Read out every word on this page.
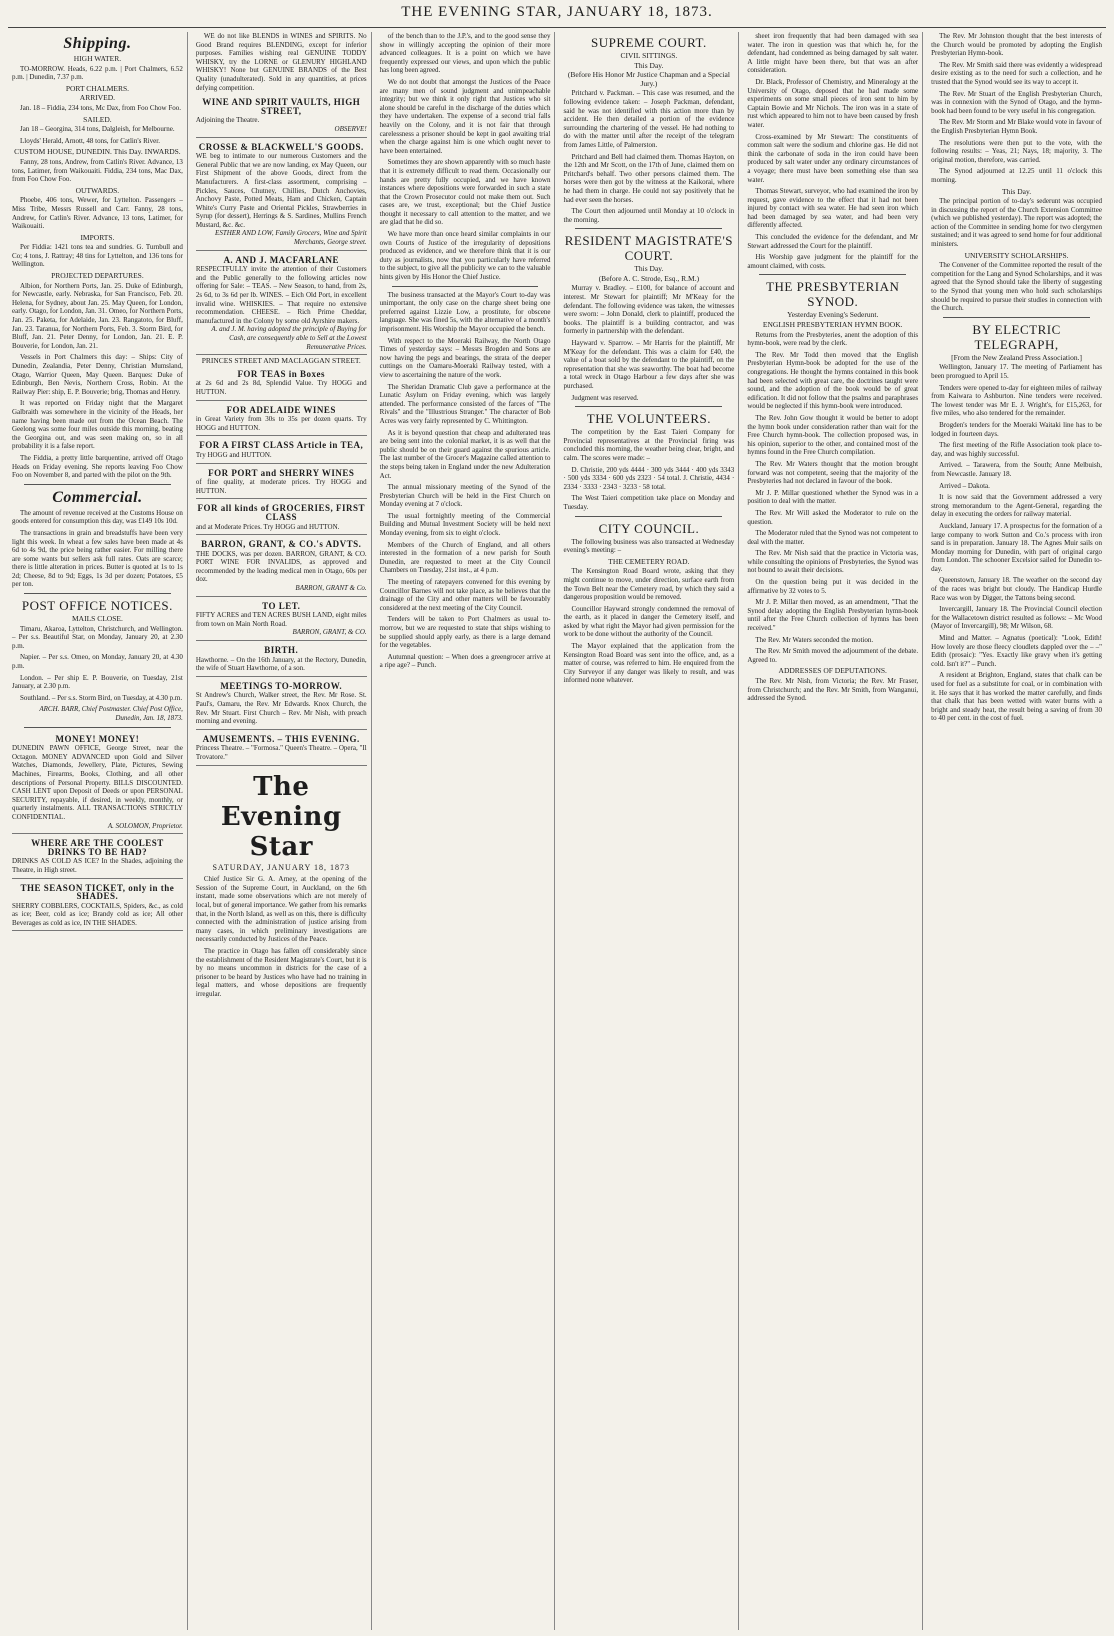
THE EVENING STAR, JANUARY 18, 1873.
Shipping.
HIGH WATER.

TO-MORROW. Heads, 6.22 p.m. | Port Chalmers, 6.52 p.m. | Dunedin, 7.37 p.m.

PORT CHALMERS.
ARRIVED.

Jan. 18 – Fiddia, 234 tons, Mc Dax, from Foo Chow Foo.

SAILED.

Jan 18 – Georgina, 314 tons, Dalgleish, for Melbourne.

Lloyds' Herald, Arnott, 48 tons, for Catlin's River.

CUSTOM HOUSE, DUNEDIN. This Day. INWARDS.

Fanny, 28 tons, Andrew, from Catlin's River. Advance, 13 tons, Latimer, from Waikouaiti. Fiddia, 234 tons, Mac Dax, from Foo Chow Foo.

OUTWARDS.

Phoebe, 406 tons, Wewer, for Lyttelton. Passengers – Miss Tribe, Messrs Russell and Carr. Fanny, 28 tons, Andrew, for Catlin's River. Advance, 13 tons, Latimer, for Waikouaiti.

IMPORTS.

Per Fiddia: 1421 tons tea and sundries. G. Turnbull and Co; 4 tons, J. Rattray; 48 tins for Lyttelton, and 136 tons for Wellington.

PROJECTED DEPARTURES.

Albion, for Northern Ports, Jan. 25. Duke of Edinburgh, for Newcastle, early. Nebraska, for San Francisco, Feb. 20. Helena, for Sydney, about Jan. 25. May Queen, for London, early. Otago, for London, Jan. 31. Omeo, for Northern Ports, Jan. 25. Paketa, for Adelaide, Jan. 23. Rangatoto, for Bluff, Jan. 23. Taranua, for Northern Ports, Feb. 3. Storm Bird, for Bluff, Jan. 21. Peter Denny, for London, Jan. 21. E. P. Bouverie, for London, Jan. 21.

Vessels in Port Chalmers this day: – Ships: City of Dunedin, Zealandia, Peter Denny, Christian Mumsland, Otago, Warrior Queen, May Queen. Barques: Duke of Edinburgh, Ben Nevis, Northern Cross, Robin. At the Railway Pier: ship, E. P. Bouverie; brig, Thomas and Henry.

It was reported on Friday night that the Margaret Galbraith was somewhere in the vicinity of the Heads, her name having been made out from the Ocean Beach. The Geelong was some four miles outside this morning, beating the Georgina out, and was seen making on, so in all probability it is a false report.

The Fiddia, a pretty little barquentine, arrived off Otago Heads on Friday evening. She reports leaving Foo Chow Foo on November 8, and parted with the pilot on the 9th.

Commercial.

The amount of revenue received at the Customs House on goods entered for consumption this day, was £149 10s 10d.

The transactions in grain and breadstuffs have been very light this week. In wheat a few sales have been made at 4s 6d to 4s 9d, the price being rather easier. For milling there are some wants but sellers ask full rates. Oats are scarce; there is little alteration in prices. Butter is quoted at 1s to 1s 2d; Cheese, 8d to 9d; Eggs, 1s 3d per dozen; Potatoes, £5 per ton.

POST OFFICE NOTICES.
MAILS CLOSE.

Timaru, Akaroa, Lyttelton, Christchurch, and Wellington. – Per s.s. Beautiful Star, on Monday, January 20, at 2.30 p.m.

Napier. – Per s.s. Omeo, on Monday, January 20, at 4.30 p.m.

London. – Per ship E. P. Bouverie, on Tuesday, 21st January, at 2.30 p.m.

Southland. – Per s.s. Storm Bird, on Tuesday, at 4.30 p.m.

ARCH. BARR, Chief Postmaster. Chief Post Office, Dunedin, Jan. 18, 1873.
MONEY! MONEY!
DUNEDIN PAWN OFFICE, George Street, near the Octagon. MONEY ADVANCED upon Gold and Silver Watches, Diamonds, Jewellery, Plate, Pictures, Sewing Machines, Firearms, Books, Clothing, and all other descriptions of Personal Property. BILLS DISCOUNTED. CASH LENT upon Deposit of Deeds or upon PERSONAL SECURITY, repayable, if desired, in weekly, monthly, or quarterly instalments. ALL TRANSACTIONS STRICTLY CONFIDENTIAL.
A. SOLOMON, Proprietor.
WHERE ARE THE COOLEST DRINKS TO BE HAD?
DRINKS AS COLD AS ICE? In the Shades, adjoining the Theatre, in High street.
THE SEASON TICKET, only in the SHADES.
SHERRY COBBLERS, COCKTAILS, Spiders, &c., as cold as ice; Beer, cold as ice; Brandy cold as ice; All other Beverages as cold as ice, IN THE SHADES.

WE do not like BLENDS in WINES and SPIRITS. No Good Brand requires BLENDING, except for inferior purposes. Families wishing real GENUINE TODDY WHISKY, try the LORNE or GLENURY HIGHLAND WHISKY! None but GENUINE BRANDS of the Best Quality (unadulterated). Sold in any quantities, at prices defying competition.

WINE AND SPIRIT VAULTS, HIGH STREET,
Adjoining the Theatre.
OBSERVE!
CROSSE & BLACKWELL'S GOODS.
WE beg to intimate to our numerous Customers and the General Public that we are now landing, ex May Queen, our First Shipment of the above Goods, direct from the Manufacturers. A first-class assortment, comprising – Pickles, Sauces, Chutney, Chillies, Dutch Anchovies, Anchovy Paste, Potted Meats, Ham and Chicken, Captain White's Curry Paste and Oriental Pickles, Strawberries in Syrup (for dessert), Herrings & S. Sardines, Mullins French Mustard, &c. &c.
ESTHER AND LOW, Family Grocers, Wine and Spirit Merchants, George street.
A. AND J. MACFARLANE
RESPECTFULLY invite the attention of their Customers and the Public generally to the following articles now offering for Sale: – TEAS. – New Season, to hand, from 2s, 2s 6d, to 3s 6d per lb. WINES. – Eich Old Port, in excellent invalid wine. WHISKIES. – That require no extensive recommendation. CHEESE. – Rich Prime Cheddar, manufactured in the Colony by some old Ayrshire makers.
A. and J. M. having adopted the principle of Buying for Cash, are consequently able to Sell at the Lowest Remunerative Prices.
PRINCES STREET AND MACLAGGAN STREET.
FOR TEAS in Boxes
at 2s 6d and 2s 8d, Splendid Value. Try HOGG and HUTTON.
FOR ADELAIDE WINES
in Great Variety from 30s to 35s per dozen quarts. Try HOGG and HUTTON.
FOR A FIRST CLASS Article in TEA,
Try HOGG and HUTTON.
FOR PORT and SHERRY WINES
of fine quality, at moderate prices. Try HOGG and HUTTON.
FOR all kinds of GROCERIES, FIRST CLASS
and at Moderate Prices. Try HOGG and HUTTON.
BARRON, GRANT, & CO.'s ADVTS.
THE DOCKS, was per dozen. BARRON, GRANT, & CO. PORT WINE FOR INVALIDS, as approved and recommended by the leading medical men in Otago, 60s per doz.
BARRON, GRANT & Co.
TO LET.
FIFTY ACRES and TEN ACRES BUSH LAND, eight miles from town on Main North Road.
BARRON, GRANT, & CO.
BIRTH.
Hawthorne. – On the 16th January, at the Rectory, Dunedin, the wife of Stuart Hawthorne, of a son.
MEETINGS TO-MORROW.
St Andrew's Church, Walker street, the Rev. Mr Rose. St. Paul's, Oamaru, the Rev. Mr Edwards. Knox Church, the Rev. Mr Stuart. First Church – Rev. Mr Nish, with preach morning and evening.
AMUSEMENTS. – THIS EVENING.
Princess Theatre. – "Formosa." Queen's Theatre. – Opera, "Il Trovatore."
The Evening Star
SATURDAY, JANUARY 18, 1873

Chief Justice Sir G. A. Arney, at the opening of the Session of the Supreme Court, in Auckland, on the 6th instant, made some observations which are not merely of local, but of general importance. We gather from his remarks that, in the North Island, as well as on this, there is difficulty connected with the administration of justice arising from many cases, in which preliminary investigations are necessarily conducted by Justices of the Peace.

The practice in Otago has fallen off considerably since the establishment of the Resident Magistrate's Court, but it is by no means uncommon in districts for the case of a prisoner to be heard by Justices who have had no training in legal matters, and whose depositions are frequently irregular.

of the bench than to the J.P.'s, and to the good sense they show in willingly accepting the opinion of their more advanced colleagues. It is a point on which we have frequently expressed our views, and upon which the public has long been agreed.

We do not doubt that amongst the Justices of the Peace are many men of sound judgment and unimpeachable integrity; but we think it only right that Justices who sit alone should be careful in the discharge of the duties which they have undertaken. The expense of a second trial falls heavily on the Colony, and it is not fair that through carelessness a prisoner should be kept in gaol awaiting trial when the charge against him is one which ought never to have been entertained.

Sometimes they are shown apparently with so much haste that it is extremely difficult to read them. Occasionally our hands are pretty fully occupied, and we have known instances where depositions were forwarded in such a state that the Crown Prosecutor could not make them out. Such cases are, we trust, exceptional; but the Chief Justice thought it necessary to call attention to the matter, and we are glad that he did so.

We have more than once heard similar complaints in our own Courts of Justice of the irregularity of depositions produced as evidence, and we therefore think that it is our duty as journalists, now that you particularly have referred to the subject, to give all the publicity we can to the valuable hints given by His Honor the Chief Justice.

The business transacted at the Mayor's Court to-day was unimportant, the only case on the charge sheet being one preferred against Lizzie Low, a prostitute, for obscene language. She was fined 5s, with the alternative of a month's imprisonment. His Worship the Mayor occupied the bench.

With respect to the Moeraki Railway, the North Otago Times of yesterday says: – Messrs Brogden and Sons are now having the pegs and bearings, the strata of the deeper cuttings on the Oamaru-Moeraki Railway tested, with a view to ascertaining the nature of the work.

The Sheridan Dramatic Club gave a performance at the Lunatic Asylum on Friday evening, which was largely attended. The performance consisted of the farces of "The Rivals" and the "Illustrious Stranger." The character of Bob Acres was very fairly represented by C. Whittington.

As it is beyond question that cheap and adulterated teas are being sent into the colonial market, it is as well that the public should be on their guard against the spurious article. The last number of the Grocer's Magazine called attention to the steps being taken in England under the new Adulteration Act.

The annual missionary meeting of the Synod of the Presbyterian Church will be held in the First Church on Monday evening at 7 o'clock.

The usual fortnightly meeting of the Commercial Building and Mutual Investment Society will be held next Monday evening, from six to eight o'clock.

Members of the Church of England, and all others interested in the formation of a new parish for South Dunedin, are requested to meet at the City Council Chambers on Tuesday, 21st inst., at 4 p.m.

The meeting of ratepayers convened for this evening by Councillor Barnes will not take place, as he believes that the drainage of the City and other matters will be favourably considered at the next meeting of the City Council.

Tenders will be taken to Port Chalmers as usual to-morrow, but we are requested to state that ships wishing to be supplied should apply early, as there is a large demand for the vegetables.

Autumnal question: – When does a greengrocer arrive at a ripe age? – Punch.

SUPREME COURT.
CIVIL SITTINGS.
This Day.
(Before His Honor Mr Justice Chapman and a Special Jury.)

Pritchard v. Packman. – This case was resumed, and the following evidence taken: – Joseph Packman, defendant, said he was not identified with this action more than by accident. He then detailed a portion of the evidence surrounding the chartering of the vessel. He had nothing to do with the matter until after the receipt of the telegram from James Little, of Palmerston.

Pritchard and Bell had claimed them. Thomas Hayton, on the 12th and Mr Scott, on the 17th of June, claimed them on Pritchard's behalf. Two other persons claimed them. The horses were then got by the witness at the Kaikorai, where he had them in charge. He could not say positively that he had ever seen the horses.

The Court then adjourned until Monday at 10 o'clock in the morning.

RESIDENT MAGISTRATE'S COURT.
This Day.
(Before A. C. Strode, Esq., R.M.)

Murray v. Bradley. – £100, for balance of account and interest. Mr Stewart for plaintiff; Mr M'Keay for the defendant. The following evidence was taken, the witnesses were sworn: – John Donald, clerk to plaintiff, produced the books. The plaintiff is a building contractor, and was formerly in partnership with the defendant.

Hayward v. Sparrow. – Mr Harris for the plaintiff, Mr M'Keay for the defendant. This was a claim for £40, the value of a boat sold by the defendant to the plaintiff, on the representation that she was seaworthy. The boat had become a total wreck in Otago Harbour a few days after she was purchased.

Judgment was reserved.

THE VOLUNTEERS.

The competition by the East Taieri Company for Provincial representatives at the Provincial firing was concluded this morning, the weather being clear, bright, and calm. The scores were made: –

D. Christie, 200 yds 4444 · 300 yds 3444 · 400 yds 3343 · 500 yds 3334 · 600 yds 2323 · 54 total. J. Christie, 4434 · 2334 · 3333 · 2343 · 3233 · 58 total.

The West Taieri competition take place on Monday and Tuesday.

CITY COUNCIL.

The following business was also transacted at Wednesday evening's meeting: –

THE CEMETERY ROAD.

The Kensington Road Board wrote, asking that they might continue to move, under direction, surface earth from the Town Belt near the Cemetery road, by which they said a dangerous proposition would be removed.

Councillor Hayward strongly condemned the removal of the earth, as it placed in danger the Cemetery itself, and asked by what right the Mayor had given permission for the work to be done without the authority of the Council.

The Mayor explained that the application from the Kensington Road Board was sent into the office, and, as a matter of course, was referred to him. He enquired from the City Surveyor if any danger was likely to result, and was informed none whatever.

sheet iron frequently that had been damaged with sea water. The iron in question was that which he, for the defendant, had condemned as being damaged by salt water. A little might have been there, but that was an after consideration.

Dr. Black, Professor of Chemistry, and Mineralogy at the University of Otago, deposed that he had made some experiments on some small pieces of iron sent to him by Captain Bowie and Mr Nichols. The iron was in a state of rust which appeared to him not to have been caused by fresh water.

Cross-examined by Mr Stewart: The constituents of common salt were the sodium and chlorine gas. He did not think the carbonate of soda in the iron could have been produced by salt water under any ordinary circumstances of a voyage; there must have been something else than sea water.

Thomas Stewart, surveyor, who had examined the iron by request, gave evidence to the effect that it had not been injured by contact with sea water. He had seen iron which had been damaged by sea water, and had been very differently affected.

This concluded the evidence for the defendant, and Mr Stewart addressed the Court for the plaintiff.

His Worship gave judgment for the plaintiff for the amount claimed, with costs.

THE PRESBYTERIAN SYNOD.
Yesterday Evening's Sederunt.
ENGLISH PRESBYTERIAN HYMN BOOK.

Returns from the Presbyteries, anent the adoption of this hymn-book, were read by the clerk.

The Rev. Mr Todd then moved that the English Presbyterian Hymn-book be adopted for the use of the congregations. He thought the hymns contained in this book had been selected with great care, the doctrines taught were sound, and the adoption of the book would be of great edification. It did not follow that the psalms and paraphrases would be neglected if this hymn-book were introduced.

The Rev. John Gow thought it would be better to adopt the hymn book under consideration rather than wait for the Free Church hymn-book. The collection proposed was, in his opinion, superior to the other, and contained most of the hymns found in the Free Church compilation.

The Rev. Mr Waters thought that the motion brought forward was not competent, seeing that the majority of the Presbyteries had not declared in favour of the book.

Mr J. P. Millar questioned whether the Synod was in a position to deal with the matter.

The Rev. Mr Will asked the Moderator to rule on the question.

The Moderator ruled that the Synod was not competent to deal with the matter.

The Rev. Mr Nish said that the practice in Victoria was, while consulting the opinions of Presbyteries, the Synod was not bound to await their decisions.

On the question being put it was decided in the affirmative by 32 votes to 5.

Mr J. P. Millar then moved, as an amendment, "That the Synod delay adopting the English Presbyterian hymn-book until after the Free Church collection of hymns has been received."

The Rev. Mr Waters seconded the motion.

The Rev. Mr Smith moved the adjournment of the debate. Agreed to.

ADDRESSES OF DEPUTATIONS.

The Rev. Mr Nish, from Victoria; the Rev. Mr Fraser, from Christchurch; and the Rev. Mr Smith, from Wanganui, addressed the Synod.

The Rev. Mr Johnston thought that the best interests of the Church would be promoted by adopting the English Presbyterian Hymn-book.

The Rev. Mr Smith said there was evidently a widespread desire existing as to the need for such a collection, and he trusted that the Synod would see its way to accept it.

The Rev. Mr Stuart of the English Presbyterian Church, was in connexion with the Synod of Otago, and the hymn-book had been found to be very useful in his congregation.

The Rev. Mr Storm and Mr Blake would vote in favour of the English Presbyterian Hymn Book.

The resolutions were then put to the vote, with the following results: – Yeas, 21; Nays, 18; majority, 3. The original motion, therefore, was carried.

The Synod adjourned at 12.25 until 11 o'clock this morning.

This Day.

The principal portion of to-day's sederunt was occupied in discussing the report of the Church Extension Committee (which we published yesterday). The report was adopted; the action of the Committee in sending home for two clergymen sustained; and it was agreed to send home for four additional ministers.

UNIVERSITY SCHOLARSHIPS.

The Convener of the Committee reported the result of the competition for the Lang and Synod Scholarships, and it was agreed that the Synod should take the liberty of suggesting to the Synod that young men who hold such scholarships should be required to pursue their studies in connection with the Church.

BY ELECTRIC TELEGRAPH,
[From the New Zealand Press Association.]

Wellington, January 17. The meeting of Parliament has been prorogued to April 15.

Tenders were opened to-day for eighteen miles of railway from Kaiwara to Ashburton. Nine tenders were received. The lowest tender was Mr E. J. Wright's, for £15,263, for five miles, who also tendered for the remainder.

Brogden's tenders for the Moeraki Waitaki line has to be lodged in fourteen days.

The first meeting of the Rifle Association took place to-day, and was highly successful.

Arrived. – Tarawera, from the South; Anne Melbuish, from Newcastle. January 18.

Arrived – Dakota.

It is now said that the Government addressed a very strong memorandum to the Agent-General, regarding the delay in executing the orders for railway material.

Auckland, January 17. A prospectus for the formation of a large company to work Sutton and Co.'s process with iron sand is in preparation. January 18. The Agnes Muir sails on Monday morning for Dunedin, with part of original cargo from London. The schooner Excelsior sailed for Dunedin to-day.

Queenstown, January 18. The weather on the second day of the races was bright but cloudy. The Handicap Hurdle Race was won by Digger, the Tattons being second.

Invercargill, January 18. The Provincial Council election for the Wallacetown district resulted as follows: – Mc Wood (Mayor of Invercargill), 98; Mr Wilson, 68.

Mind and Matter. – Agnatus (poetical): "Look, Edith! How lovely are those fleecy cloudlets dappled over the – –" Edith (prosaic): "Yes. Exactly like gravy when it's getting cold. Isn't it?" – Punch.

A resident at Brighton, England, states that chalk can be used for fuel as a substitute for coal, or in combination with it. He says that it has worked the matter carefully, and finds that chalk that has been wetted with water burns with a bright and steady heat, the result being a saving of from 30 to 40 per cent. in the cost of fuel.
